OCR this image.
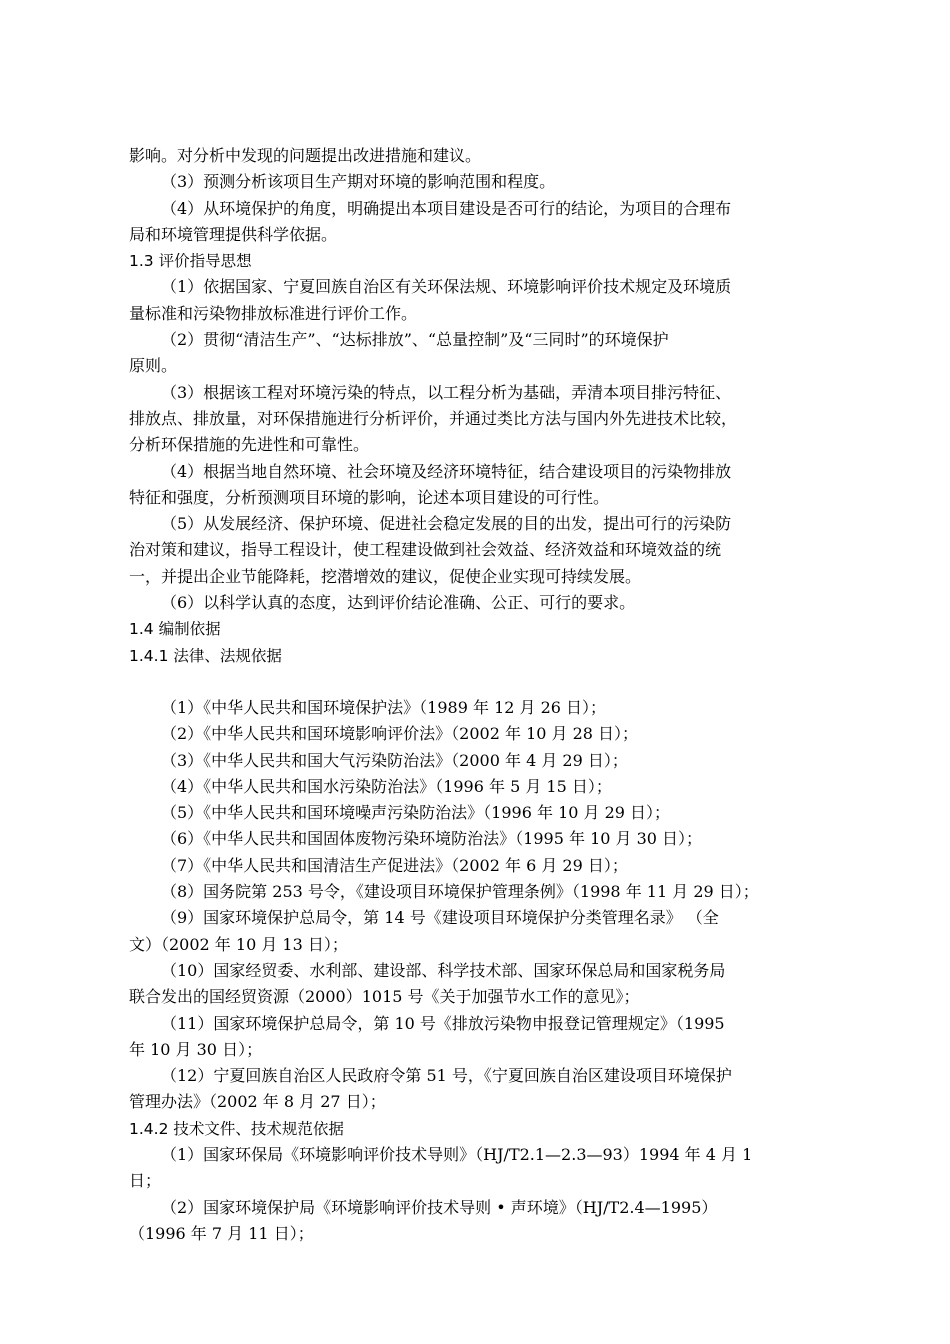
影响。对分析中发现的问题提出改进措施和建议。
（3）预测分析该项目生产期对环境的影响范围和程度。
（4）从环境保护的角度，明确提出本项目建设是否可行的结论，为项目的合理布
局和环境管理提供科学依据。
1.3 评价指导思想
（1）依据国家、宁夏回族自治区有关环保法规、环境影响评价技术规定及环境质
量标准和污染物排放标准进行评价工作。
（2）贯彻“清洁生产”、“达标排放”、“总量控制”及“三同时”的环境保护
原则。
（3）根据该工程对环境污染的特点，以工程分析为基础，弄清本项目排污特征、
排放点、排放量，对环保措施进行分析评价，并通过类比方法与国内外先进技术比较，
分析环保措施的先进性和可靠性。
（4）根据当地自然环境、社会环境及经济环境特征，结合建设项目的污染物排放
特征和强度，分析预测项目环境的影响，论述本项目建设的可行性。
（5）从发展经济、保护环境、促进社会稳定发展的目的出发，提出可行的污染防
治对策和建议，指导工程设计，使工程建设做到社会效益、经济效益和环境效益的统
一，并提出企业节能降耗，挖潜增效的建议，促使企业实现可持续发展。
（6）以科学认真的态度，达到评价结论准确、公正、可行的要求。
1.4 编制依据
1.4.1 法律、法规依据
（1）《中华人民共和国环境保护法》（1989 年 12 月 26 日）；
（2）《中华人民共和国环境影响评价法》（2002 年 10 月 28 日）；
（3）《中华人民共和国大气污染防治法》（2000 年 4 月 29 日）；
（4）《中华人民共和国水污染防治法》（1996 年 5 月 15 日）；
（5）《中华人民共和国环境噪声污染防治法》（1996 年 10 月 29 日）；
（6）《中华人民共和国固体废物污染环境防治法》（1995 年 10 月 30 日）；
（7）《中华人民共和国清洁生产促进法》（2002 年 6 月 29 日）；
（8）国务院第 253 号令，《建设项目环境保护管理条例》（1998 年 11 月 29 日）；
（9）国家环境保护总局令，第 14 号《建设项目环境保护分类管理名录》 （全
文）（2002 年 10 月 13 日）；
（10）国家经贸委、水利部、建设部、科学技术部、国家环保总局和国家税务局
联合发出的国经贸资源（2000）1015 号《关于加强节水工作的意见》；
（11）国家环境保护总局令，第 10 号《排放污染物申报登记管理规定》（1995
年 10 月 30 日）；
（12）宁夏回族自治区人民政府令第 51 号，《宁夏回族自治区建设项目环境保护
管理办法》（2002 年 8 月 27 日）；
1.4.2 技术文件、技术规范依据
（1）国家环保局《环境影响评价技术导则》（HJ/T2.1—2.3—93）1994 年 4 月 1
日；
（2）国家环境保护局《环境影响评价技术导则 • 声环境》（HJ/T2.4—1995）
（1996 年 7 月 11 日）；
